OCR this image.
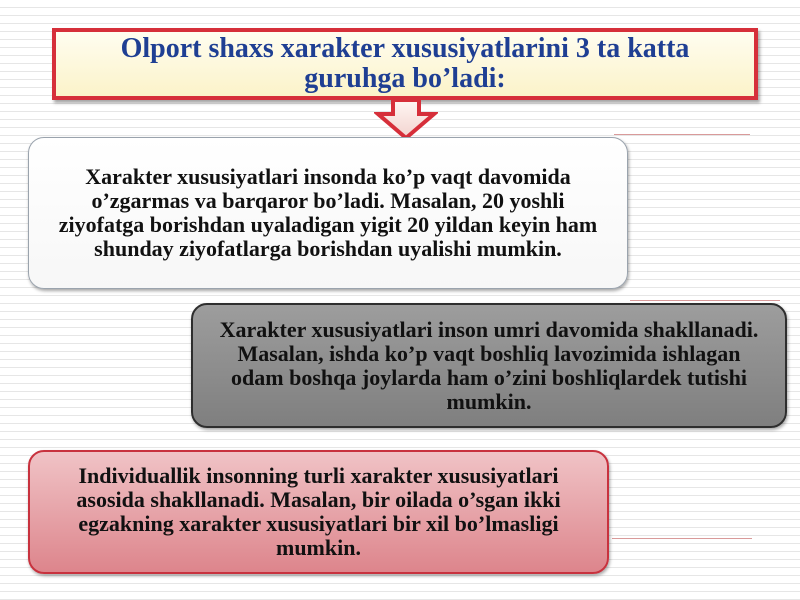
Olport shaxs xarakter xususiyatlarini 3 ta katta guruhga bo’ladi:
Xarakter xususiyatlari insonda ko’p vaqt davomida o’zgarmas va barqaror bo’ladi. Masalan, 20 yoshli ziyofatga borishdan uyaladigan yigit 20 yildan keyin ham shunday ziyofatlarga borishdan uyalishi mumkin.
Xarakter xususiyatlari inson umri davomida shakllanadi. Masalan, ishda ko’p vaqt boshliq lavozimida ishlagan odam boshqa joylarda ham o’zini boshliqlardek tutishi mumkin.
Individuallik insonning turli xarakter xususiyatlari asosida shakllanadi. Masalan, bir oilada o’sgan ikki egzakning xarakter xususiyatlari bir xil bo’lmasligi mumkin.
